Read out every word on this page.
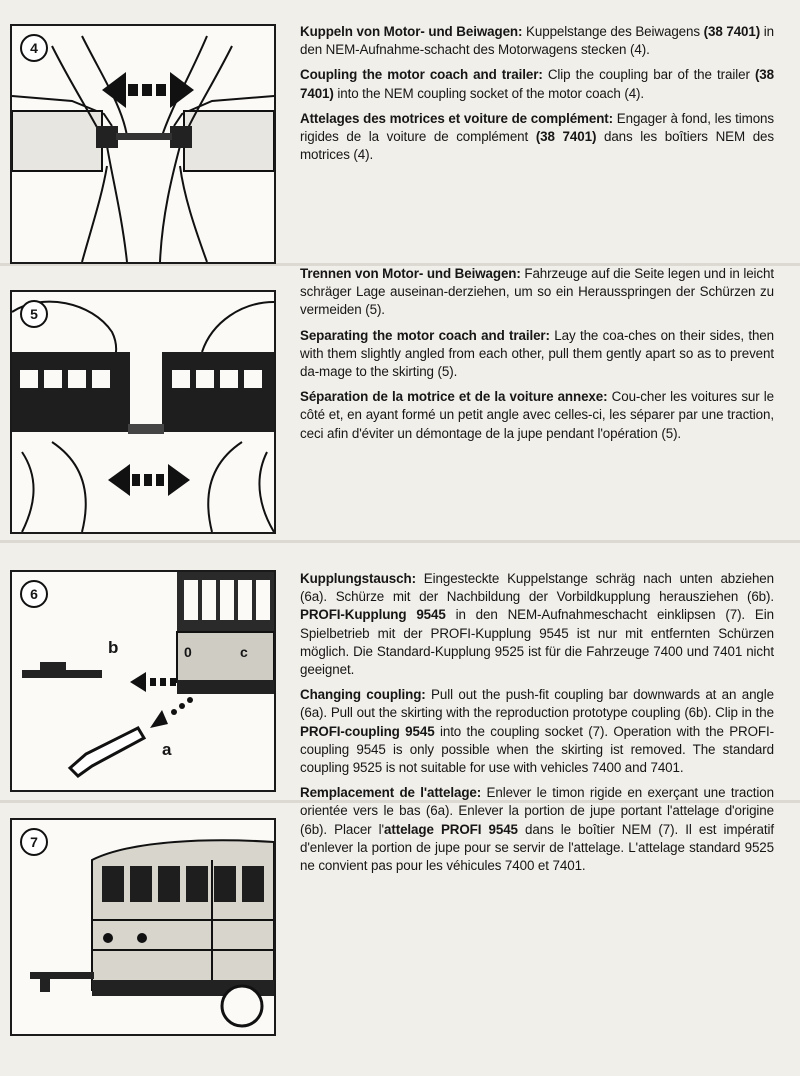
4
5
6
b
a
0	c
7

Kuppeln von Motor- und Beiwagen: Kuppelstange des Beiwagens (38 7401) in den NEM-Aufnahme-schacht des Motorwagens stecken (4).

Coupling the motor coach and trailer: Clip the coupling bar of the trailer (38 7401) into the NEM coupling socket of the motor coach (4).

Attelages des motrices et voiture de complément: Engager à fond, les timons rigides de la voiture de complément (38 7401) dans les boîtiers NEM des motrices (4).

Trennen von Motor- und Beiwagen: Fahrzeuge auf die Seite legen und in leicht schräger Lage auseinan-derziehen, um so ein Herausspringen der Schürzen zu vermeiden (5).

Separating the motor coach and trailer: Lay the coa-ches on their sides, then with them slightly angled from each other, pull them gently apart so as to prevent da-mage to the skirting (5).

Séparation de la motrice et de la voiture annexe: Cou-cher les voitures sur le côté et, en ayant formé un petit angle avec celles-ci, les séparer par une traction, ceci afin d'éviter un démontage de la jupe pendant l'opération (5).

Kupplungstausch: Eingesteckte Kuppelstange schräg nach unten abziehen (6a). Schürze mit der Nachbildung der Vorbildkupplung herausziehen (6b). PROFI-Kupplung 9545 in den NEM-Aufnahmeschacht einklipsen (7). Ein Spielbetrieb mit der PROFI-Kupplung 9545 ist nur mit entfernten Schürzen möglich. Die Standard-Kupplung 9525 ist für die Fahrzeuge 7400 und 7401 nicht geeignet.

Changing coupling: Pull out the push-fit coupling bar downwards at an angle (6a). Pull out the skirting with the reproduction prototype coupling (6b). Clip in the PROFI-coupling 9545 into the coupling socket (7). Operation with the PROFI-coupling 9545 is only possible when the skirting ist removed. The standard coupling 9525 is not suitable for use with vehicles 7400 and 7401.

Remplacement de l'attelage: Enlever le timon rigide en exerçant une traction orientée vers le bas (6a). Enlever la portion de jupe portant l'attelage d'origine (6b). Placer l'attelage PROFI 9545 dans le boîtier NEM (7). Il est impératif d'enlever la portion de jupe pour se servir de l'attelage. L'attelage standard 9525 ne convient pas pour les véhicules 7400 et 7401.
